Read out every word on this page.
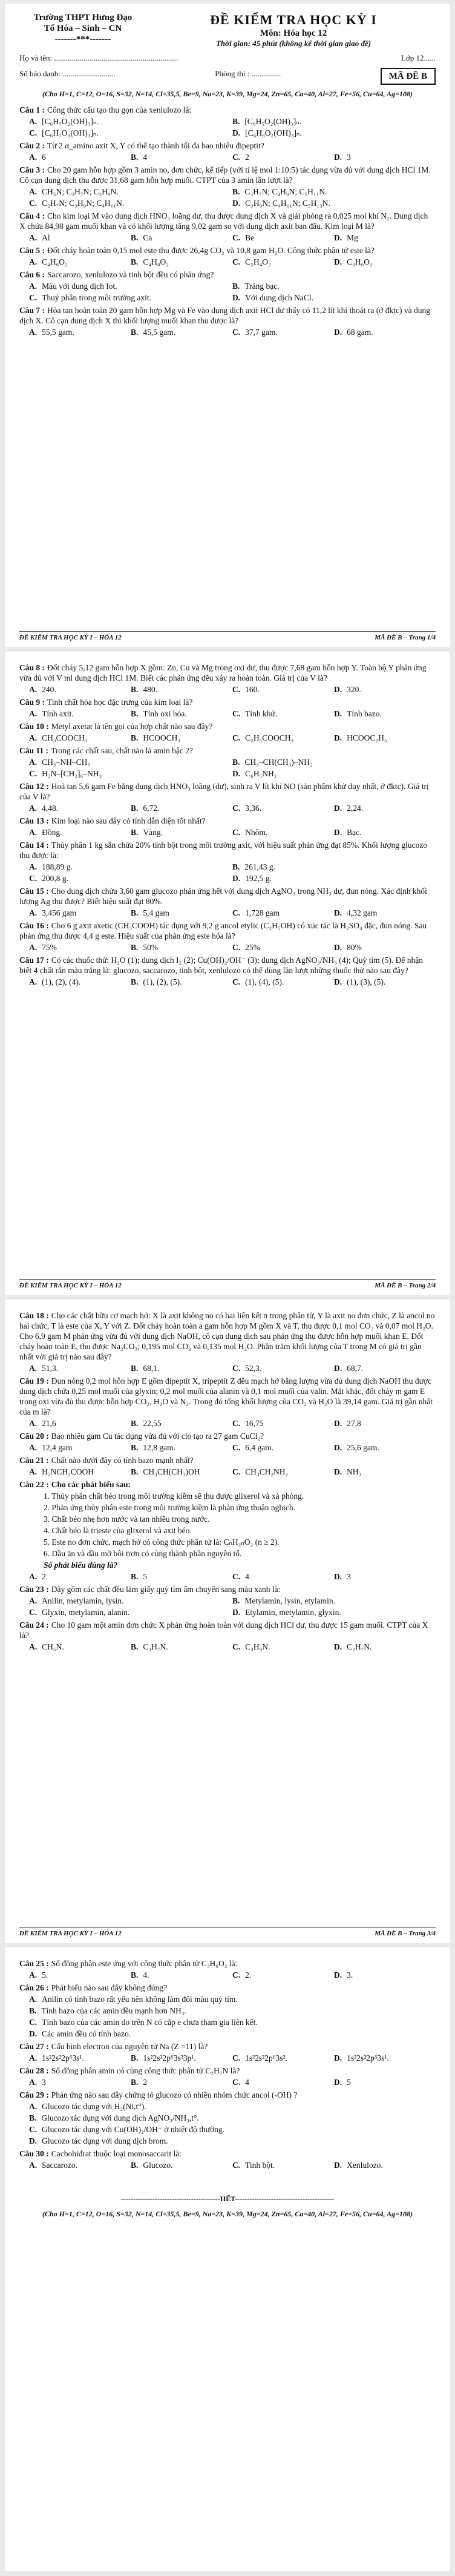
Trường THPT Hưng Đạo
Tổ Hóa – Sinh – CN
-------***-------
ĐỀ KIỂM TRA HỌC KỲ I
Môn: Hóa học 12
Thời gian: 45 phút (không kể thời gian giao đề)
Họ và tên: ...............................................................	Lớp 12......
Số báo danh: ...........................	Phòng thi : ...............	MÃ ĐỀ B
(Cho H=1, C=12, O=16, S=32, N=14, Cl=35,5, Be=9, Na=23, K=39, Mg=24, Zn=65, Ca=40, Al=27, Fe=56, Cu=64, Ag=108)
Câu 1 : Công thức cấu tạo thu gọn của xenlulozo là:
A. [C₆H₇O₂(OH)₃]ₙ.	B. [C₆H₅O₂(OH)₃]ₙ.
C. [C₆H₇O₃(OH)₃]ₙ.	D. [C₆H₈O₂(OH)₃]ₙ.
Câu 2 : Từ 2 α_amino axit X, Y có thể tạo thành tối đa bao nhiêu đipeptit?
A. 6	B. 4	C. 2	D. 3
Câu 3 : Cho 20 gam hỗn hợp gồm 3 amin no, đơn chức, kế tiếp (với tỉ lệ mol 1:10:5) tác dụng vừa đủ với dung dịch HCl 1M. Cô cạn dung dịch thu được 31,68 gam hỗn hợp muối. CTPT của 3 amin lần lượt là?
A. CH₅N; C₂H₇N; C₃H₉N.	B. C₃H₇N; C₄H₉N; C₅H₁₁N.
C. C₂H₇N; C₃H₉N; C₄H₁₁N.	D. C₃H₉N; C₄H₁₁N; C₅H₁₃N.
Câu 4 : Cho kim loại M vào dung dịch HNO₃ loãng dư, thu được dung dịch X và giải phóng ra 0,025 mol khí N₂. Dung dịch X chứa 84,98 gam muối khan và có khối lượng tăng 9,02 gam so với dung dịch axit ban đầu. Kim loại M là?
A. Al	B. Ca	C. Be	D. Mg
Câu 5 : Đốt cháy hoàn toàn 0,15 mol este thu được 26,4g CO₂ và 10,8 gam H₂O. Công thức phân tử este là?
A. C₄H₆O₂	B. C₄H₈O₂	C. C₂H₄O₂	D. C₃H₆O₂
Câu 6 : Saccarozo, xenlulozo và tinh bột đều có phản ứng?
A. Màu với dung dịch Iot.	B. Tráng bạc.
C. Thuỷ phân trong môi trường axit.	D. Với dung dịch NaCl.
Câu 7 : Hòa tan hoàn toàn 20 gam hỗn hợp Mg và Fe vào dung dịch axit HCl dư thấy có 11,2 lít khí thoát ra (ở đktc) và dung dịch X. Cô cạn dung dịch X thì khối lượng muối khan thu được là?
A. 55,5 gam.	B. 45,5 gam.	C. 37,7 gam.	D. 68 gam.
ĐỀ KIỂM TRA HỌC KỲ I – HÓA 12	MÃ ĐỀ B – Trang 1/4
Câu 8 : Đốt cháy 5,12 gam hỗn hợp X gồm: Zn, Cu và Mg trong oxi dư, thu được 7,68 gam hỗn hợp Y. Toàn bộ Y phản ứng vừa đủ với V ml dung dịch HCl 1M. Biết các phản ứng đều xảy ra hoàn toàn. Giá trị của V là?
A. 240.	B. 480.	C. 160.	D. 320.
Câu 9 : Tinh chất hóa học đặc trưng của kim loại là?
A. Tính axit.	B. Tính oxi hóa.	C. Tính khử.	D. Tính bazo.
Câu 10 : Metyl axetat là tên gọi của hợp chất nào sau đây?
A. CH₃COOCH₃	B. HCOOCH₃	C. C₂H₅COOCH₃	D. HCOOC₂H₅
Câu 11 : Trong các chất sau, chất nào là amin bậc 2?
A. CH₃–NH–CH₃	B. CH₃–CH(CH₃)–NH₂
C. H₂N–[CH₂]₆–NH₂	D. C₆H₅NH₂
Câu 12 : Hoà tan 5,6 gam Fe bằng dung dịch HNO₃ loãng (dư), sinh ra V lít khí NO (sản phẩm khử duy nhất, ở đktc). Giá trị của V là?
A. 4,48.	B. 6,72.	C. 3,36.	D. 2,24.
Câu 13 : Kim loại nào sau đây có tính dẫn điện tốt nhất?
A. Đồng.	B. Vàng.	C. Nhôm.	D. Bạc.
Câu 14 : Thủy phân 1 kg sắn chứa 20% tinh bột trong môi trường axit, với hiệu suất phản ứng đạt 85%. Khối lượng glucozo thu được là:
A. 188,89 g.	B. 261,43 g.
C. 200,8 g.	D. 192,5 g.
Câu 15 : Cho dung dịch chứa 3,60 gam glucozo phản ứng hết với dung dịch AgNO₃ trong NH₃ dư, đun nóng. Xác định khối lượng Ag thu được? Biết hiệu suất đạt 80%.
A. 3,456 gam	B. 5,4 gam	C. 1,728 gam	D. 4,32 gam
Câu 16 : Cho 6 g axit axetic (CH₃COOH) tác dụng với 9,2 g ancol etylic (C₂H₅OH) có xúc tác là H₂SO₄ đặc, đun nóng. Sau phản ứng thu được 4,4 g este. Hiệu suất của phản ứng este hóa là?
A. 75%	B. 50%	C. 25%	D. 80%
Câu 17 : Có các thuốc thử: H₂O (1); dung dịch I₂ (2); Cu(OH)₂/OH⁻ (3); dung dịch AgNO₃/NH₃ (4); Quỳ tím (5). Để nhận biết 4 chất rắn màu trắng là: glucozo, saccarozo, tinh bột, xenlulozo có thể dùng lần lượt những thuốc thử nào sau đây?
A. (1), (2), (4).	B. (1), (2), (5).	C. (1), (4), (5).	D. (1), (3), (5).
ĐỀ KIỂM TRA HỌC KỲ I – HÓA 12	MÃ ĐỀ B – Trang 2/4
Câu 18 : Cho các chất hữu cơ mạch hở: X là axit không no có hai liên kết π trong phân tử, Y là axit no đơn chức, Z là ancol no hai chức, T là este của X, Y với Z. Đốt cháy hoàn toàn a gam hỗn hợp M gồm X và T, thu được 0,1 mol CO₂ và 0,07 mol H₂O. Cho 6,9 gam M phản ứng vừa đủ với dung dịch NaOH, cô cạn dung dịch sau phản ứng thu được hỗn hợp muối khan E. Đốt cháy hoàn toàn E, thu được Na₂CO₃; 0,195 mol CO₂ và 0,135 mol H₂O. Phần trăm khối lượng của T trong M có giá trị gần nhất với giá trị nào sau đây?
A. 51,3.	B. 68,1.	C. 52,3.	D. 68,7.
Câu 19 : Đun nóng 0,2 mol hỗn hợp E gồm đipeptit X, tripeptit Z đều mạch hở bằng lượng vừa đủ dung dịch NaOH thu được dung dịch chứa 0,25 mol muối của glyxin; 0,2 mol muối của alanin và 0,1 mol muối của valin. Mặt khác, đốt cháy m gam E trong oxi vừa đủ thu được hỗn hợp CO₂, H₂O và N₂. Trong đó tổng khối lượng của CO₂ và H₂O là 39,14 gam. Giá trị gần nhất của m là?
A. 21,6	B. 22,55	C. 16,75	D. 27,8
Câu 20 : Bao nhiêu gam Cu tác dụng vừa đủ với clo tạo ra 27 gam CuCl₂?
A. 12,4 gam	B. 12,8 gam.	C. 6,4 gam.	D. 25,6 gam.
Câu 21 : Chất nào dưới đây có tính bazo mạnh nhất?
A. H₂NCH₂COOH	B. CH₃CH(CH₃)OH	C. CH₃CH₂NH₂	D. NH₃
Câu 22 : Cho các phát biểu sau:
1. Thủy phân chất béo trong môi trường kiềm sẽ thu được glixerol và xà phòng.
2. Phản ứng thủy phân este trong môi trường kiềm là phản ứng thuận nghịch.
3. Chất béo nhẹ hơn nước và tan nhiều trong nước.
4. Chất béo là trieste của glixerol và axit béo.
5. Este no đơn chức, mạch hở có công thức phân tử là: CₙH₂ₙO₂ (n ≥ 2).
6. Dầu ăn và dầu mỡ bôi trơn có cùng thành phần nguyên tố.
Số phát biểu đúng là?
A. 2	B. 5	C. 4	D. 3
Câu 23 : Dãy gồm các chất đều làm giấy quỳ tím ẩm chuyển sang màu xanh là:
A. Anilin, metylamin, lysin.	B. Metylamin, lysin, etylamin.
C. Glyxin, metylamin, alanin.	D. Etylamin, metylamin, glyxin.
Câu 24 : Cho 10 gam một amin đơn chức X phản ứng hoàn toàn với dung dịch HCl dư, thu được 15 gam muối. CTPT của X là?
A. CH₅N.	B. C₃H₇N.	C. C₃H₉N.	D. C₂H₇N.
ĐỀ KIỂM TRA HỌC KỲ I – HÓA 12	MÃ ĐỀ B – Trang 3/4
Câu 25 : Số đồng phân este ứng với công thức phân tử C₃H₆O₂ là:
A. 5.	B. 4.	C. 2.	D. 3.
Câu 26 : Phát biểu nào sau đây không đúng?
A. Anilin có tính bazo rất yếu nên không làm đổi màu quỳ tím.
B. Tính bazo của các amin đều mạnh hơn NH₃.
C. Tính bazo của các amin do trên N có cặp e chưa tham gia liên kết.
D. Các amin đều có tính bazo.
Câu 27 : Cấu hình electron của nguyên tử Na (Z =11) là?
A. 1s²2s²2p⁶3s¹.	B. 1s²2s²2p⁶3s²3p¹.	C. 1s²2s²2p⁶3s².	D. 1s²2s²2p⁶3s¹.
Câu 28 : Số đồng phân amin có cùng công thức phân tử C₂H₇N là?
A. 3	B. 2	C. 4	D. 5
Câu 29 : Phản ứng nào sau đây chứng tỏ glucozo có nhiều nhóm chức ancol (-OH) ?
A. Glucozo tác dụng với H₂(Ni,t°).
B. Glucozo tác dụng với dung dịch AgNO₃/NH₃,t°.
C. Glucozo tác dụng với Cu(OH)₂/OH⁻ ở nhiệt độ thường.
D. Glucozo tác dụng với dung dịch brom.
Câu 30 : Cacbohiđrat thuộc loại monosaccarit là:
A. Saccarozo.	B. Glucozo.	C. Tinh bột.	D. Xenlulozo.
-----------------------------------------HẾT-----------------------------------------
(Cho H=1, C=12, O=16, S=32, N=14, Cl=35,5, Be=9, Na=23, K=39, Mg=24, Zn=65, Ca=40, Al=27, Fe=56, Cu=64, Ag=108)
